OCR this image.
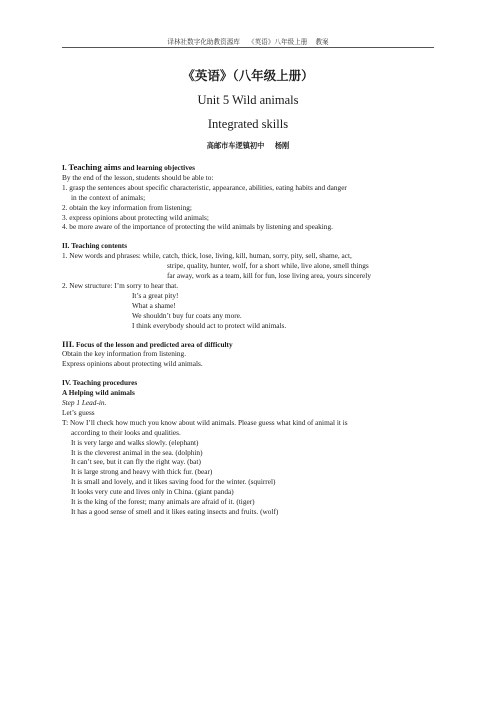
译林社数字化助教资源库 《英语》八年级上册 教案
《英语》（八年级上册）
Unit 5 Wild animals
Integrated skills
高邮市车逻镇初中 杨刚
I. Teaching aims and learning objectives
By the end of the lesson, students should be able to:
1. grasp the sentences about specific characteristic, appearance, abilities, eating habits and danger
in the context of animals;
2. obtain the key information from listening;
3. express opinions about protecting wild animals;
4. be more aware of the importance of protecting the wild animals by listening and speaking.
II. Teaching contents
1. New words and phrases: while, catch, thick, lose, living, kill, human, sorry, pity, sell, shame, act,
stripe, quality, hunter, wolf, for a short while, live alone, smell things
far away, work as a team, kill for fun, lose living area, yours sincerely
2. New structure: I’m sorry to hear that.
It’s a great pity!
What a shame!
We shouldn’t buy fur coats any more.
I think everybody should act to protect wild animals.
III. Focus of the lesson and predicted area of difficulty
Obtain the key information from listening.
Express opinions about protecting wild animals.
IV. Teaching procedures
A Helping wild animals
Step 1 Lead-in.
Let’s guess
T: Now I’ll check how much you know about wild animals. Please guess what kind of animal it is
according to their looks and qualities.
It is very large and walks slowly. (elephant)
It is the cleverest animal in the sea. (dolphin)
It can’t see, but it can fly the right way. (bat)
It is large strong and heavy with thick fur. (bear)
It is small and lovely, and it likes saving food for the winter. (squirrel)
It looks very cute and lives only in China. (giant panda)
It is the king of the forest; many animals are afraid of it. (tiger)
It has a good sense of smell and it likes eating insects and fruits. (wolf)
